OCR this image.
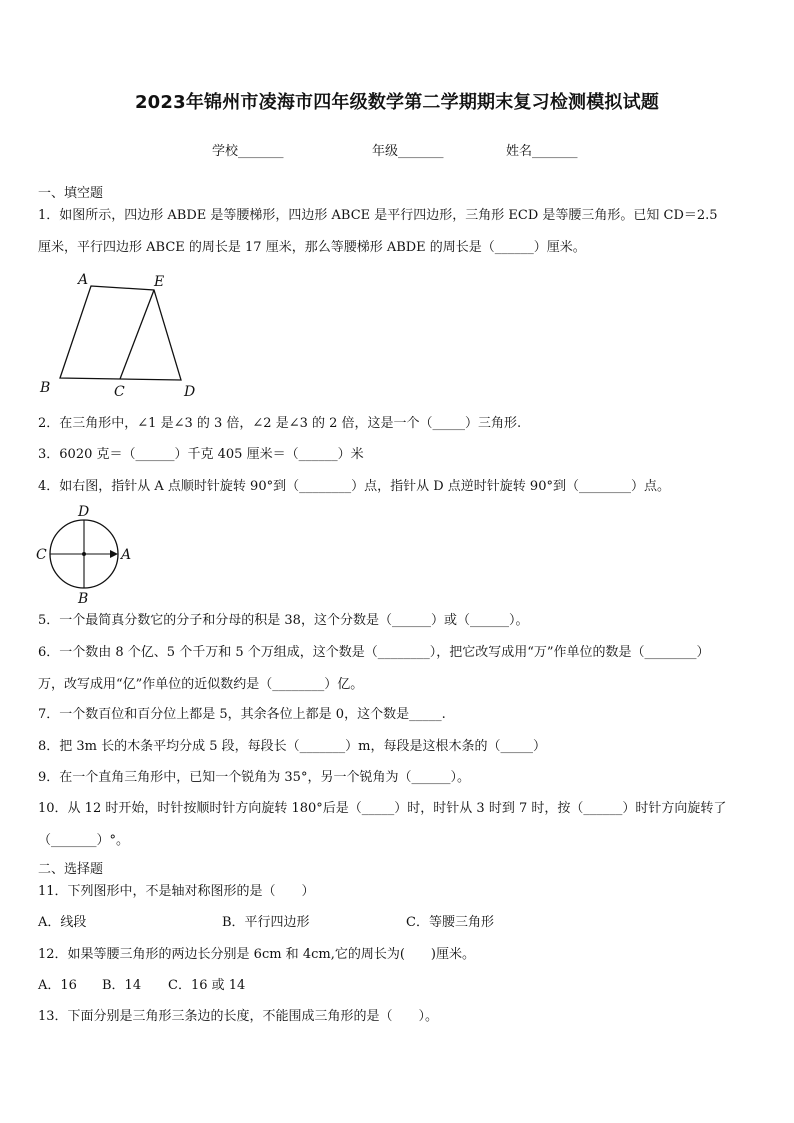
2023年锦州市凌海市四年级数学第二学期期末复习检测模拟试题
学校_______	年级_______	姓名_______
一、填空题
1．如图所示，四边形 ABDE 是等腰梯形，四边形 ABCE 是平行四边形，三角形 ECD 是等腰三角形。已知 CD＝2.5
厘米，平行四边形 ABCE 的周长是 17 厘米，那么等腰梯形 ABDE 的周长是（______）厘米。
A	E
B	C	D
2．在三角形中，∠1 是∠3 的 3 倍，∠2 是∠3 的 2 倍，这是一个（_____）三角形.
3．6020 克＝（______）千克 405 厘米＝（______）米
4．如右图，指针从 A 点顺时针旋转 90°到（________）点，指针从 D 点逆时针旋转 90°到（________）点。
D
C	A
B
5．一个最简真分数它的分子和分母的积是 38，这个分数是（______）或（______）。
6．一个数由 8 个亿、5 个千万和 5 个万组成，这个数是（________），把它改写成用“万”作单位的数是（________）
万，改写成用“亿”作单位的近似数约是（________）亿。
7．一个数百位和百分位上都是 5，其余各位上都是 0，这个数是_____.
8．把 3m 长的木条平均分成 5 段，每段长（_______）m，每段是这根木条的（_____）
9．在一个直角三角形中，已知一个锐角为 35°，另一个锐角为（______）。
10．从 12 时开始，时针按顺时针方向旋转 180°后是（_____）时，时针从 3 时到 7 时，按（______）时针方向旋转了
（_______）°。
二、选择题
11．下列图形中，不是轴对称图形的是（　　）
A．线段	B．平行四边形	C．等腰三角形
12．如果等腰三角形的两边长分别是 6cm 和 4cm,它的周长为(　　)厘米。
A．16 B．14 C．16 或 14
13．下面分别是三角形三条边的长度，不能围成三角形的是（　　）。
